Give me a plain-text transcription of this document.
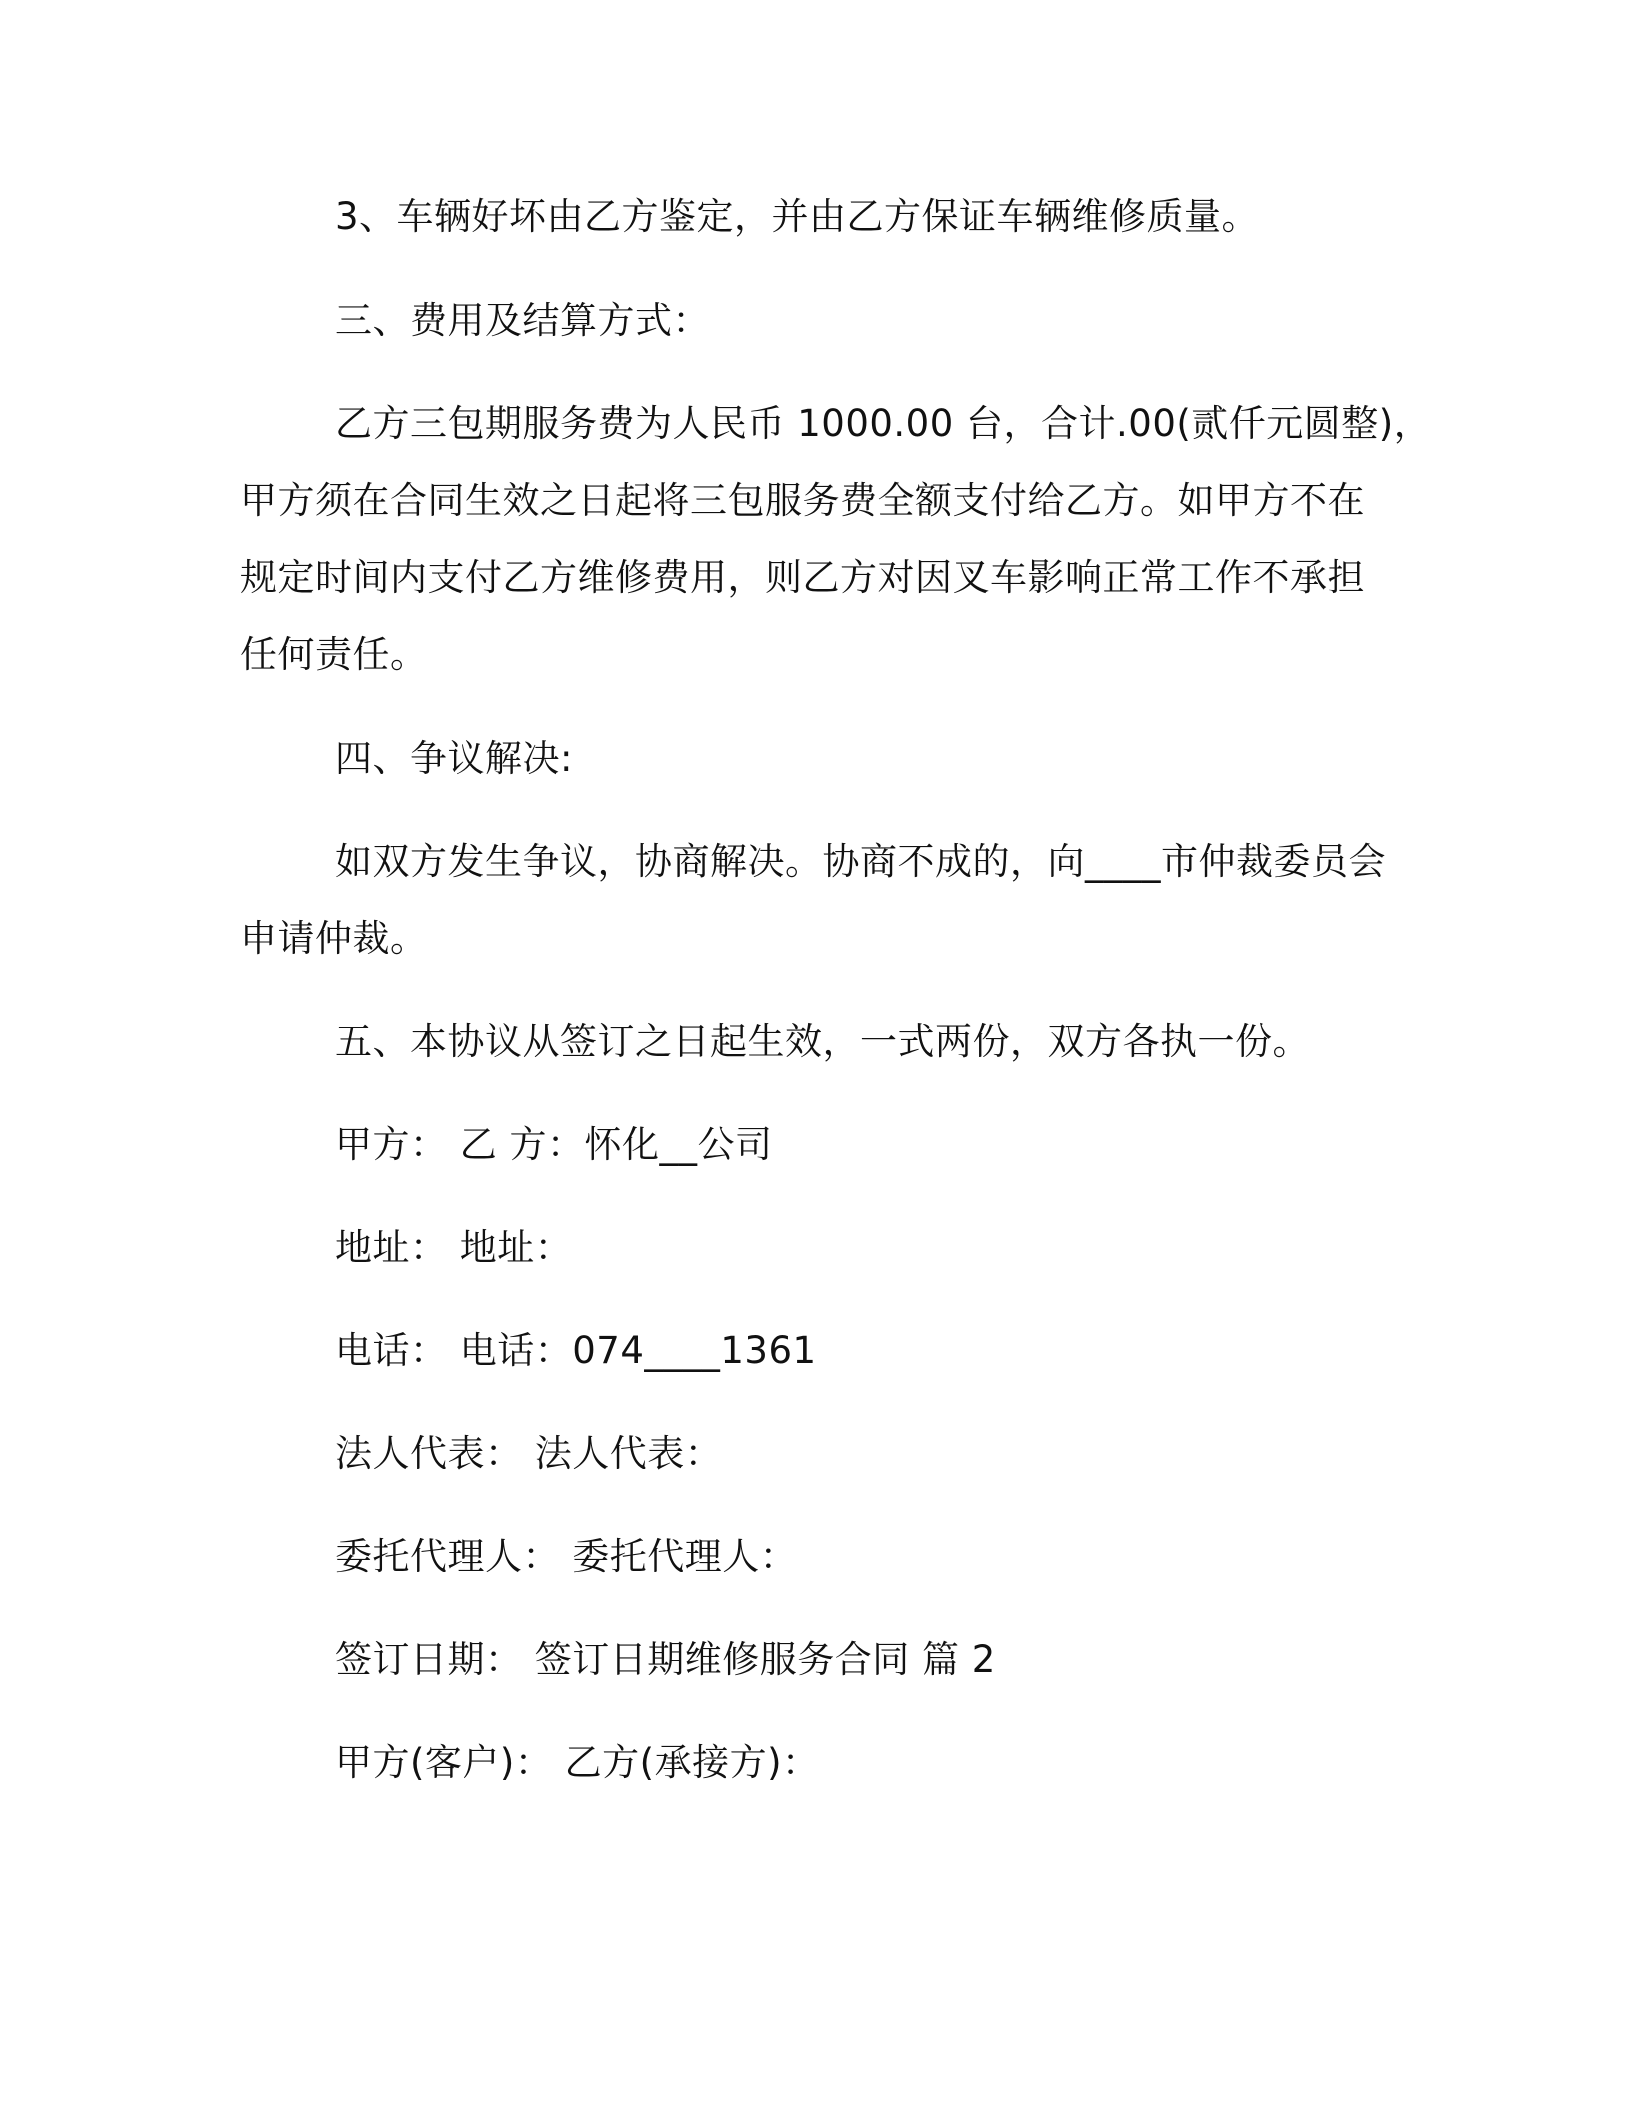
3、车辆好坏由乙方鉴定，并由乙方保证车辆维修质量。
三、费用及结算方式：
乙方三包期服务费为人民币 1000.00 台，合计.00(贰仟元圆整)，
甲方须在合同生效之日起将三包服务费全额支付给乙方。如甲方不在
规定时间内支付乙方维修费用，则乙方对因叉车影响正常工作不承担
任何责任。
四、争议解决:
如双方发生争议，协商解决。协商不成的，向____市仲裁委员会
申请仲裁。
五、本协议从签订之日起生效，一式两份，双方各执一份。
甲方： 乙 方：怀化__公司
地址： 地址：
电话： 电话：074____1361
法人代表： 法人代表：
委托代理人： 委托代理人：
签订日期： 签订日期维修服务合同 篇 2
甲方(客户)： 乙方(承接方)：
